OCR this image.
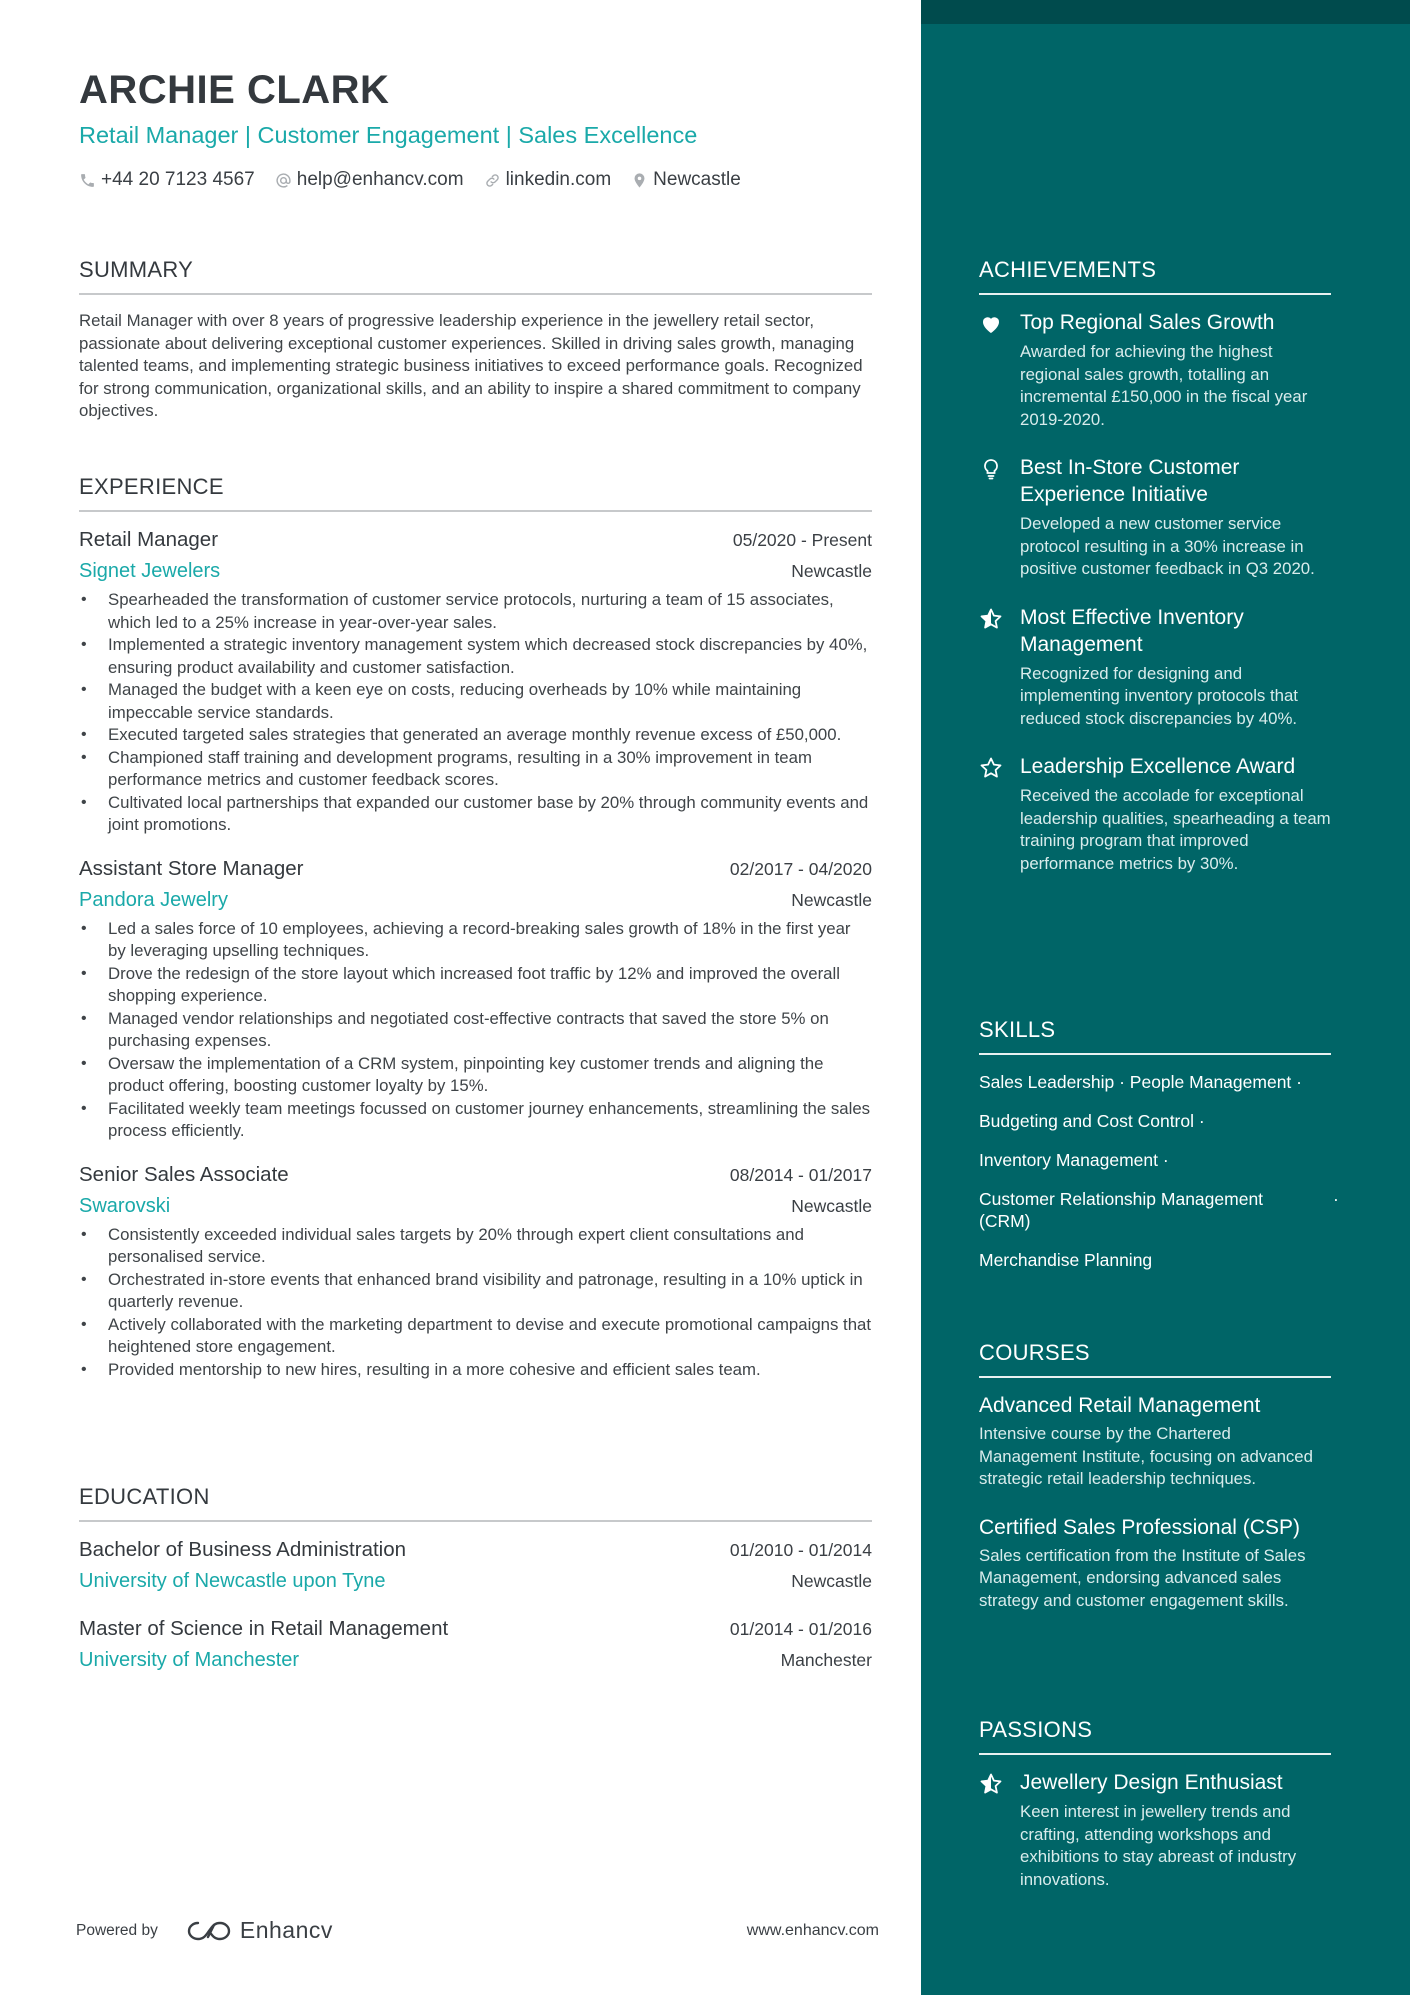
ARCHIE CLARK
Retail Manager | Customer Engagement | Sales Excellence
+44 20 7123 4567 help@enhancv.com linkedin.com Newcastle
SUMMARY
Retail Manager with over 8 years of progressive leadership experience in the jewellery retail sector, passionate about delivering exceptional customer experiences. Skilled in driving sales growth, managing talented teams, and implementing strategic business initiatives to exceed performance goals. Recognized for strong communication, organizational skills, and an ability to inspire a shared commitment to company objectives.
EXPERIENCE
Retail Manager	05/2020 - Present
Signet Jewelers	Newcastle
• Spearheaded the transformation of customer service protocols, nurturing a team of 15 associates, which led to a 25% increase in year-over-year sales.
• Implemented a strategic inventory management system which decreased stock discrepancies by 40%, ensuring product availability and customer satisfaction.
• Managed the budget with a keen eye on costs, reducing overheads by 10% while maintaining impeccable service standards.
• Executed targeted sales strategies that generated an average monthly revenue excess of £50,000.
• Championed staff training and development programs, resulting in a 30% improvement in team performance metrics and customer feedback scores.
• Cultivated local partnerships that expanded our customer base by 20% through community events and joint promotions.
Assistant Store Manager	02/2017 - 04/2020
Pandora Jewelry	Newcastle
• Led a sales force of 10 employees, achieving a record-breaking sales growth of 18% in the first year by leveraging upselling techniques.
• Drove the redesign of the store layout which increased foot traffic by 12% and improved the overall shopping experience.
• Managed vendor relationships and negotiated cost-effective contracts that saved the store 5% on purchasing expenses.
• Oversaw the implementation of a CRM system, pinpointing key customer trends and aligning the product offering, boosting customer loyalty by 15%.
• Facilitated weekly team meetings focussed on customer journey enhancements, streamlining the sales process efficiently.
Senior Sales Associate	08/2014 - 01/2017
Swarovski	Newcastle
• Consistently exceeded individual sales targets by 20% through expert client consultations and personalised service.
• Orchestrated in-store events that enhanced brand visibility and patronage, resulting in a 10% uptick in quarterly revenue.
• Actively collaborated with the marketing department to devise and execute promotional campaigns that heightened store engagement.
• Provided mentorship to new hires, resulting in a more cohesive and efficient sales team.
EDUCATION
Bachelor of Business Administration	01/2010 - 01/2014
University of Newcastle upon Tyne	Newcastle
Master of Science in Retail Management	01/2014 - 01/2016
University of Manchester	Manchester
Powered by	Enhancv	www.enhancv.com
ACHIEVEMENTS
Top Regional Sales Growth
Awarded for achieving the highest regional sales growth, totalling an incremental £150,000 in the fiscal year 2019-2020.
Best In-Store Customer Experience Initiative
Developed a new customer service protocol resulting in a 30% increase in positive customer feedback in Q3 2020.
Most Effective Inventory Management
Recognized for designing and implementing inventory protocols that reduced stock discrepancies by 40%.
Leadership Excellence Award
Received the accolade for exceptional leadership qualities, spearheading a team training program that improved performance metrics by 30%.
SKILLS
Sales Leadership · People Management ·
Budgeting and Cost Control ·
Inventory Management ·
Customer Relationship Management (CRM)
·
Merchandise Planning
COURSES
Advanced Retail Management
Intensive course by the Chartered Management Institute, focusing on advanced strategic retail leadership techniques.
Certified Sales Professional (CSP)
Sales certification from the Institute of Sales Management, endorsing advanced sales strategy and customer engagement skills.
PASSIONS
Jewellery Design Enthusiast
Keen interest in jewellery trends and crafting, attending workshops and exhibitions to stay abreast of industry innovations.
